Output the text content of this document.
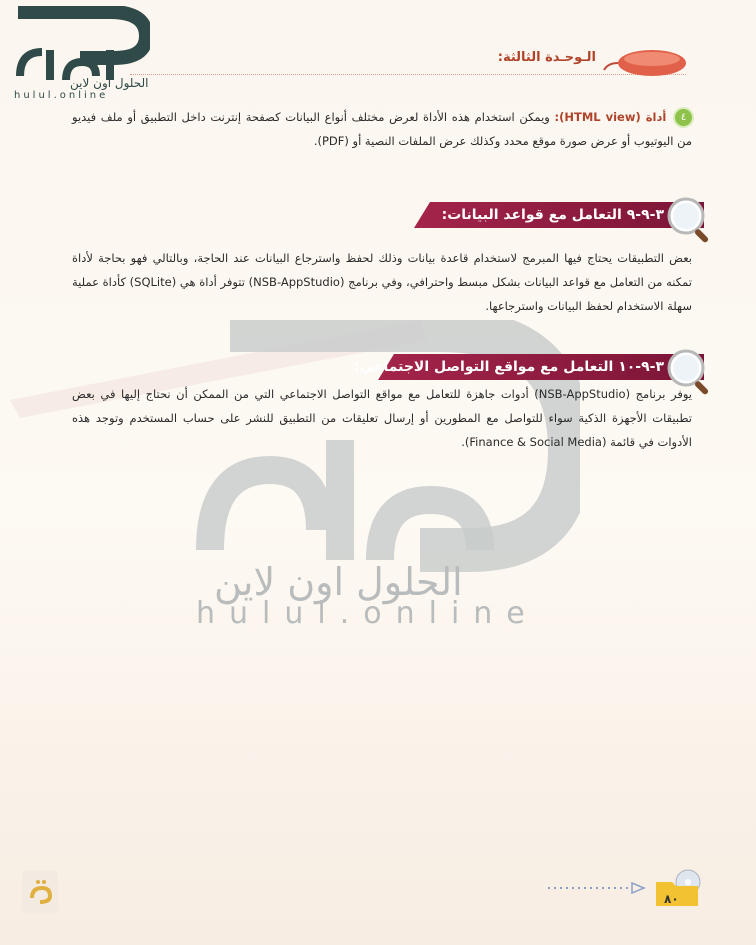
الحلول اون لاين
hulul.online
الـوحـدة الثالثة:
الحلول اون لاين
hulul.online
٤ أداة (HTML view): ويمكن استخدام هذه الأداة لعرض مختلف أنواع البيانات كصفحة إنترنت داخل التطبيق أو ملف فيديو من اليوتيوب أو عرض صورة موقع محدد وكذلك عرض الملفات النصية أو (PDF).
٣-٩-٩ التعامل مع قواعد البيانات:
بعض التطبيقات يحتاج فيها المبرمج لاستخدام قاعدة بيانات وذلك لحفظ واسترجاع البيانات عند الحاجة، وبالتالي فهو بحاجة لأداة تمكنه من التعامل مع قواعد البيانات بشكل مبسط واحترافي، وفي برنامج (NSB-AppStudio) تتوفر أداة هي (SQLite) كأداة عملية سهلة الاستخدام لحفظ البيانات واسترجاعها.
٣-٩-١٠ التعامل مع مواقع التواصل الاجتماعي:
يوفر برنامج (NSB-AppStudio) أدوات جاهزة للتعامل مع مواقع التواصل الاجتماعي التي من الممكن أن نحتاج إليها في بعض تطبيقات الأجهزة الذكية سواء للتواصل مع المطورين أو إرسال تعليقات من التطبيق للنشر على حساب المستخدم وتوجد هذه الأدوات في قائمة (Finance & Social Media).
٨٠
